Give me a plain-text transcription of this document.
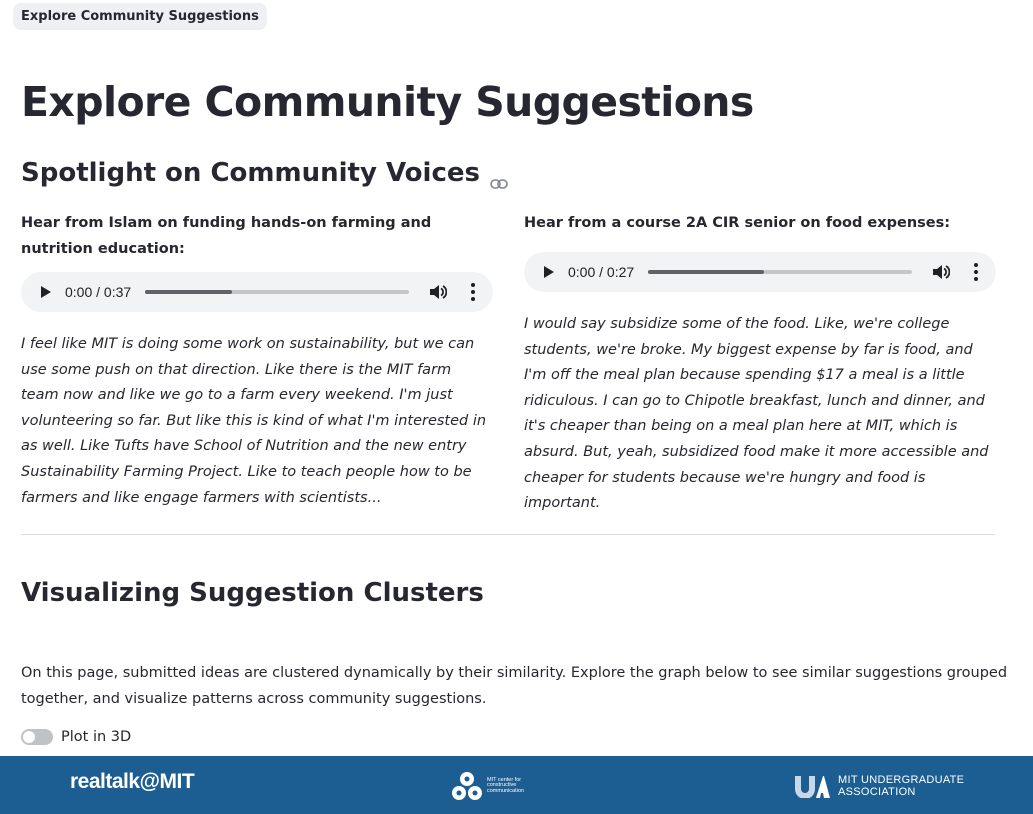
Explore Community Suggestions
Explore Community Suggestions
Spotlight on Community Voices

Hear from Islam on funding hands-on farming and nutrition education:

0:00 / 0:37

I feel like MIT is doing some work on sustainability, but we can use some push on that direction. Like there is the MIT farm team now and like we go to a farm every weekend. I'm just volunteering so far. But like this is kind of what I'm interested in as well. Like Tufts have School of Nutrition and the new entry Sustainability Farming Project. Like to teach people how to be farmers and like engage farmers with scientists...

Hear from a course 2A CIR senior on food expenses:

0:00 / 0:27

I would say subsidize some of the food. Like, we're college students, we're broke. My biggest expense by far is food, and I'm off the meal plan because spending $17 a meal is a little ridiculous. I can go to Chipotle breakfast, lunch and dinner, and it's cheaper than being on a meal plan here at MIT, which is absurd. But, yeah, subsidized food make it more accessible and cheaper for students because we're hungry and food is important.

Visualizing Suggestion Clusters

On this page, submitted ideas are clustered dynamically by their similarity. Explore the graph below to see similar suggestions grouped together, and visualize patterns across community suggestions.

Plot in 3D
realtalk@MIT	MIT center for constructive communication
MIT UNDERGRADUATE
ASSOCIATION
